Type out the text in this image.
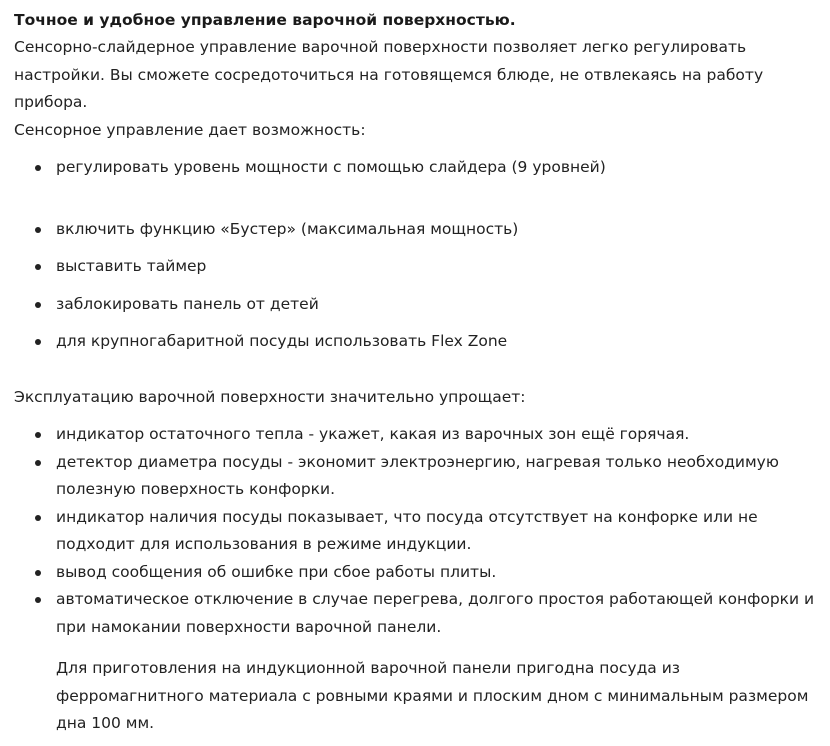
Точное и удобное управление варочной поверхностью.

Сенсорно-слайдерное управление варочной поверхности позволяет легко регулировать настройки. Вы сможете сосредоточиться на готовящемся блюде, не отвлекаясь на работу прибора.

Сенсорное управление дает возможность:

регулировать уровень мощности с помощью слайдера (9 уровней)
включить функцию «Бустер» (максимальная мощность)
выставить таймер
заблокировать панель от детей
для крупногабаритной посуды использовать Flex Zone

Эксплуатацию варочной поверхности значительно упрощает:

индикатор остаточного тепла - укажет, какая из варочных зон ещё горячая.
детектор диаметра посуды - экономит электроэнергию, нагревая только необходимую полезную поверхность конфорки.
индикатор наличия посуды показывает, что посуда отсутствует на конфорке или не подходит для использования в режиме индукции.
вывод сообщения об ошибке при сбое работы плиты.
автоматическое отключение в случае перегрева, долгого простоя работающей конфорки и при намокании поверхности варочной панели.

Для приготовления на индукционной варочной панели пригодна посуда из ферромагнитного материала с ровными краями и плоским дном с минимальным размером дна 100 мм.
